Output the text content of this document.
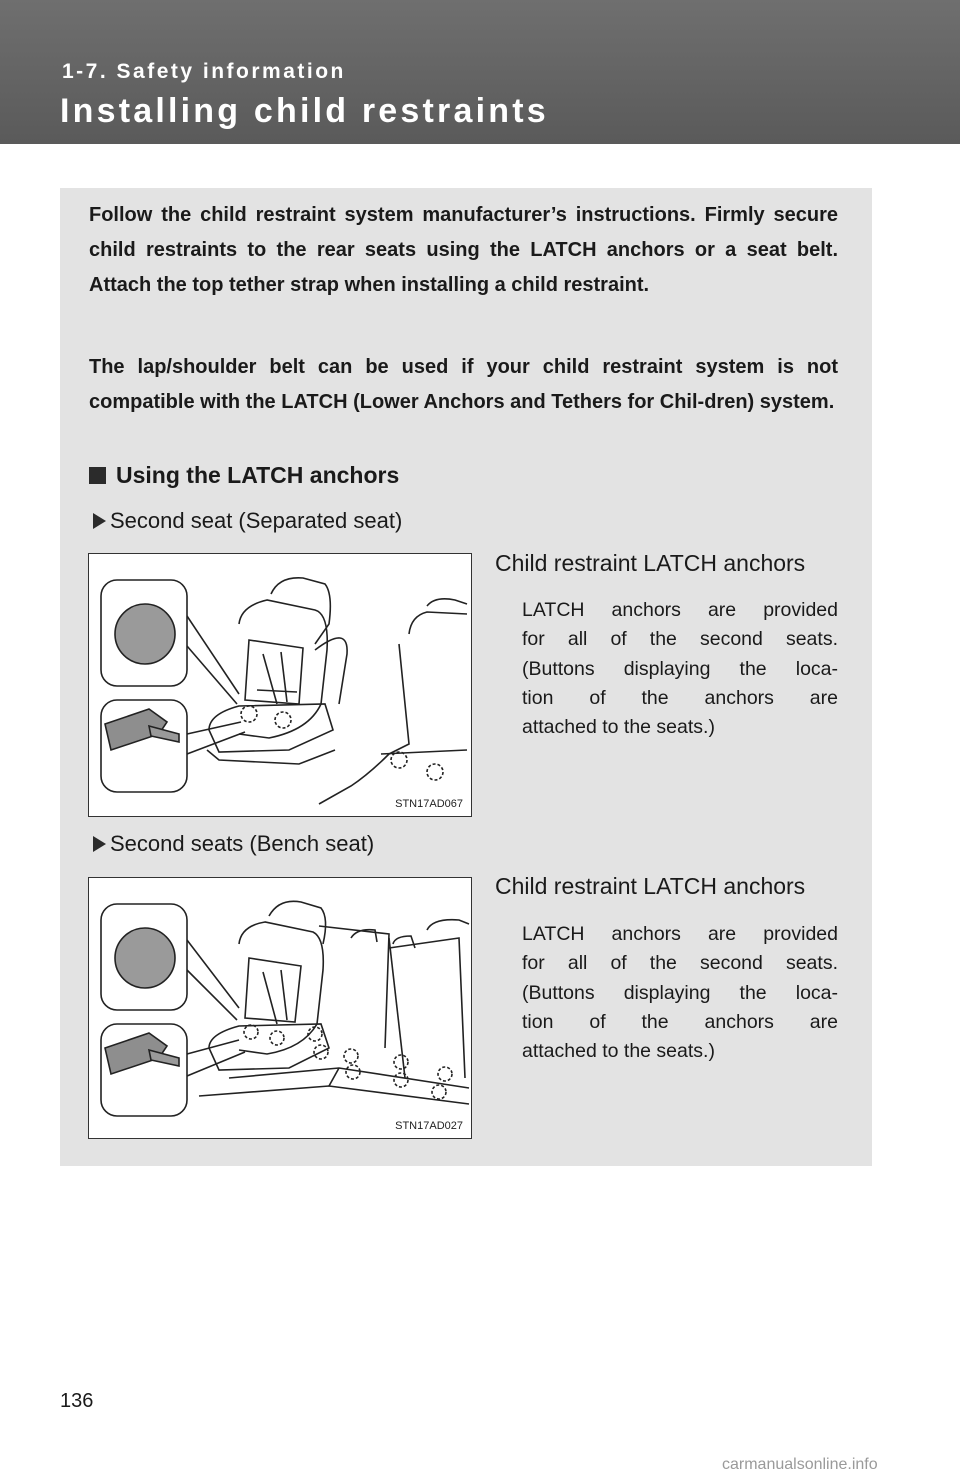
1-7. Safety information
Installing child restraints

Follow the child restraint system manufacturer’s instructions. Firmly secure child restraints to the rear seats using the LATCH anchors or a seat belt. Attach the top tether strap when installing a child restraint.

The lap/shoulder belt can be used if your child restraint system is not compatible with the LATCH (Lower Anchors and Tethers for Chil-dren) system.

Using the LATCH anchors
Second seat (Separated seat)
STN17AD067
Child restraint LATCH anchors

LATCH anchors are provided
for all of the second seats.
(Buttons displaying the loca-
tion of the anchors are
attached to the seats.)

Second seats (Bench seat)
STN17AD027
Child restraint LATCH anchors

LATCH anchors are provided
for all of the second seats.
(Buttons displaying the loca-
tion of the anchors are
attached to the seats.)

136
carmanualsonline.info
